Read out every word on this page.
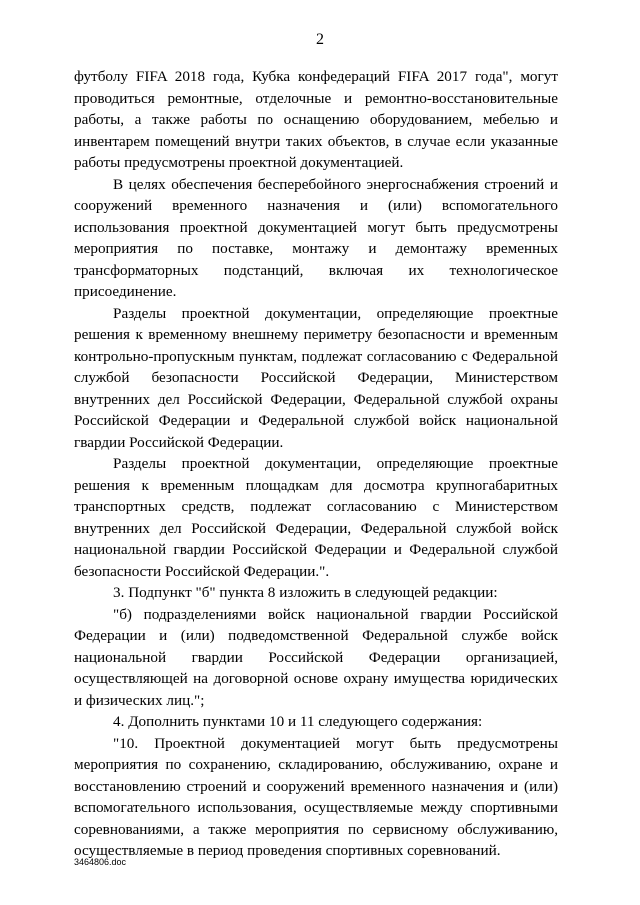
2

футболу FIFA 2018 года, Кубка конфедераций FIFA 2017 года", могут проводиться ремонтные, отделочные и ремонтно-восстановительные работы, а также работы по оснащению оборудованием, мебелью и инвентарем помещений внутри таких объектов, в случае если указанные работы предусмотрены проектной документацией.

В целях обеспечения бесперебойного энергоснабжения строений и сооружений временного назначения и (или) вспомогательного использования проектной документацией могут быть предусмотрены мероприятия по поставке, монтажу и демонтажу временных трансформаторных подстанций, включая их технологическое присоединение.

Разделы проектной документации, определяющие проектные решения к временному внешнему периметру безопасности и временным контрольно-пропускным пунктам, подлежат согласованию с Федеральной службой безопасности Российской Федерации, Министерством внутренних дел Российской Федерации, Федеральной службой охраны Российской Федерации и Федеральной службой войск национальной гвардии Российской Федерации.

Разделы проектной документации, определяющие проектные решения к временным площадкам для досмотра крупногабаритных транспортных средств, подлежат согласованию с Министерством внутренних дел Российской Федерации, Федеральной службой войск национальной гвардии Российской Федерации и Федеральной службой безопасности Российской Федерации.".

3. Подпункт "б" пункта 8 изложить в следующей редакции:

"б) подразделениями войск национальной гвардии Российской Федерации и (или) подведомственной Федеральной службе войск национальной гвардии Российской Федерации организацией, осуществляющей на договорной основе охрану имущества юридических и физических лиц.";

4. Дополнить пунктами 10 и 11 следующего содержания:

"10. Проектной документацией могут быть предусмотрены мероприятия по сохранению, складированию, обслуживанию, охране и восстановлению строений и сооружений временного назначения и (или) вспомогательного использования, осуществляемые между спортивными соревнованиями, а также мероприятия по сервисному обслуживанию, осуществляемые в период проведения спортивных соревнований.

3464806.doc
